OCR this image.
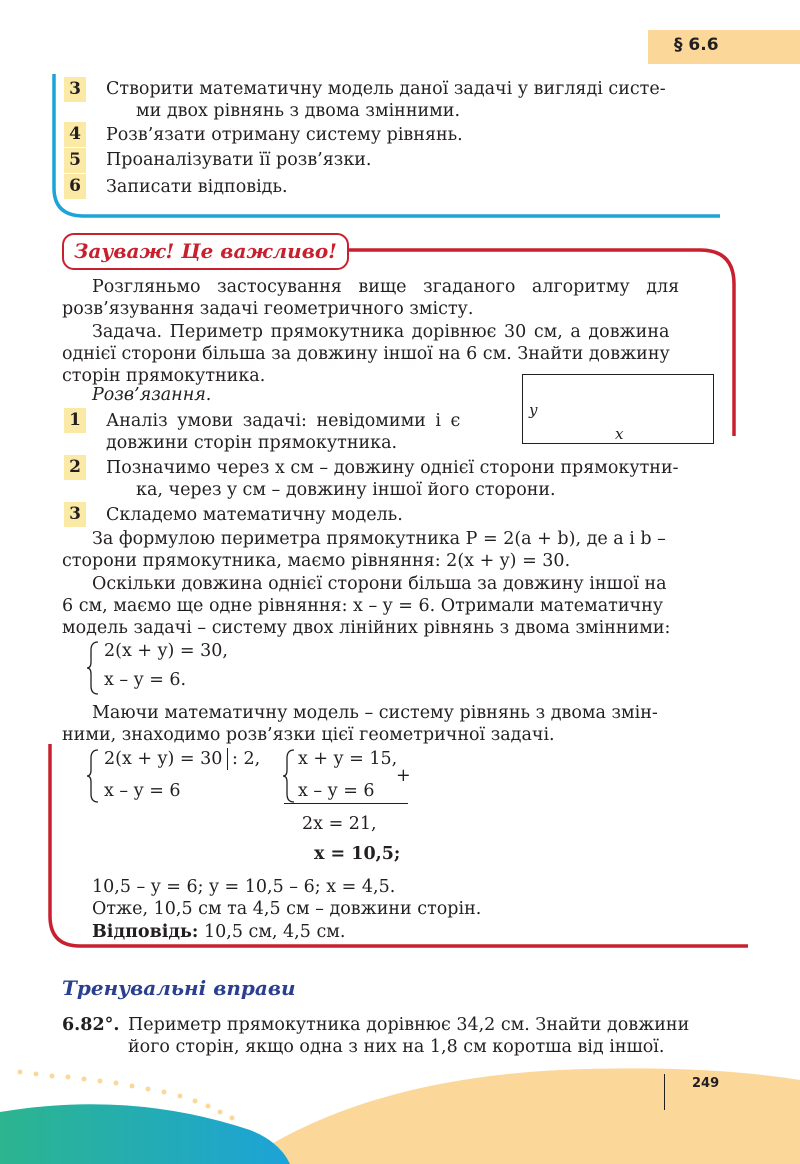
§ 6.6
3 Створити математичну модель даної задачі у вигляді систе-
ми двох рівнянь з двома змінними.
4 Розв’язати отриману систему рівнянь.
5 Проаналізувати її розв’язки.
6 Записати відповідь.
Зауваж! Це важливо!
Розгляньмо застосування вище згаданого алгоритму для
розв’язування задачі геометричного змісту.
Задача. Периметр прямокутника дорівнює 30 см, а довжина
однієї сторони більша за довжину іншої на 6 см. Знайти довжину
сторін прямокутника.
Розв’язання.
y
x
1 Аналіз умови задачі: невідомими і є
довжини сторін прямокутника.
2 Позначимо через x см – довжину однієї сторони прямокутни-
ка, через y см – довжину іншої його сторони.
3 Складемо математичну модель.
За формулою периметра прямокутника P = 2(a + b), де a і b –
сторони прямокутника, маємо рівняння: 2(x + y) = 30.
Оскільки довжина однієї сторони більша за довжину іншої на
6 см, маємо ще одне рівняння: x – y = 6. Отримали математичну
модель задачі – систему двох лінійних рівнянь з двома змінними:
2(x + y) = 30,
x – y = 6.
Маючи математичну модель – систему рівнянь з двома змін-
ними, знаходимо розв’язки цієї геометричної задачі.
2(x + y) = 30 : 2,
x – y = 6
x + y = 15,
x – y = 6
+
2x = 21,
x = 10,5;
10,5 – y = 6; y = 10,5 – 6; x = 4,5.
Отже, 10,5 см та 4,5 см – довжини сторін.
Відповідь: 10,5 см, 4,5 см.
Тренувальні вправи
6.82°. Периметр прямокутника дорівнює 34,2 см. Знайти довжини
його сторін, якщо одна з них на 1,8 см коротша від іншої.
249
